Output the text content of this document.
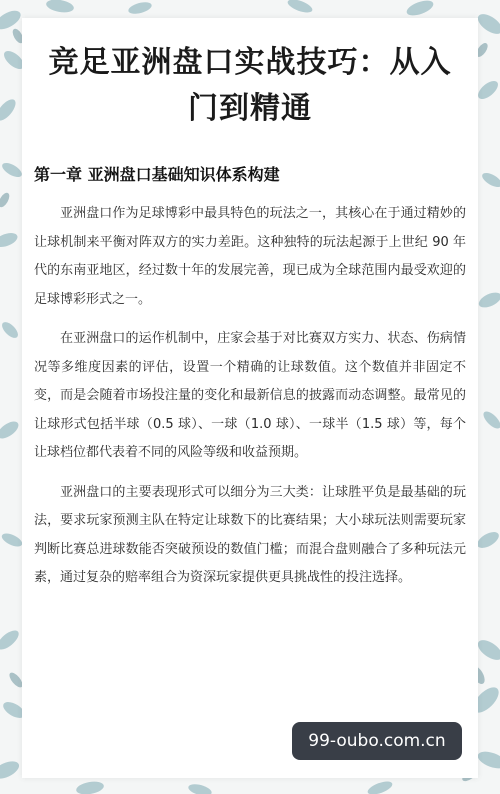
竞足亚洲盘口实战技巧：从入
门到精通
第一章 亚洲盘口基础知识体系构建

亚洲盘口作为足球博彩中最具特色的玩法之一，其核心在于通过精妙的让球机制来平衡对阵双方的实力差距。这种独特的玩法起源于上世纪 90 年代的东南亚地区，经过数十年的发展完善，现已成为全球范围内最受欢迎的足球博彩形式之一。

在亚洲盘口的运作机制中，庄家会基于对比赛双方实力、状态、伤病情况等多维度因素的评估，设置一个精确的让球数值。这个数值并非固定不变，而是会随着市场投注量的变化和最新信息的披露而动态调整。最常见的让球形式包括半球（0.5 球）、一球（1.0 球）、一球半（1.5 球）等，每个让球档位都代表着不同的风险等级和收益预期。

亚洲盘口的主要表现形式可以细分为三大类：让球胜平负是最基础的玩法，要求玩家预测主队在特定让球数下的比赛结果；大小球玩法则需要玩家判断比赛总进球数能否突破预设的数值门槛；而混合盘则融合了多种玩法元素，通过复杂的赔率组合为资深玩家提供更具挑战性的投注选择。

99-oubo.com.cn
